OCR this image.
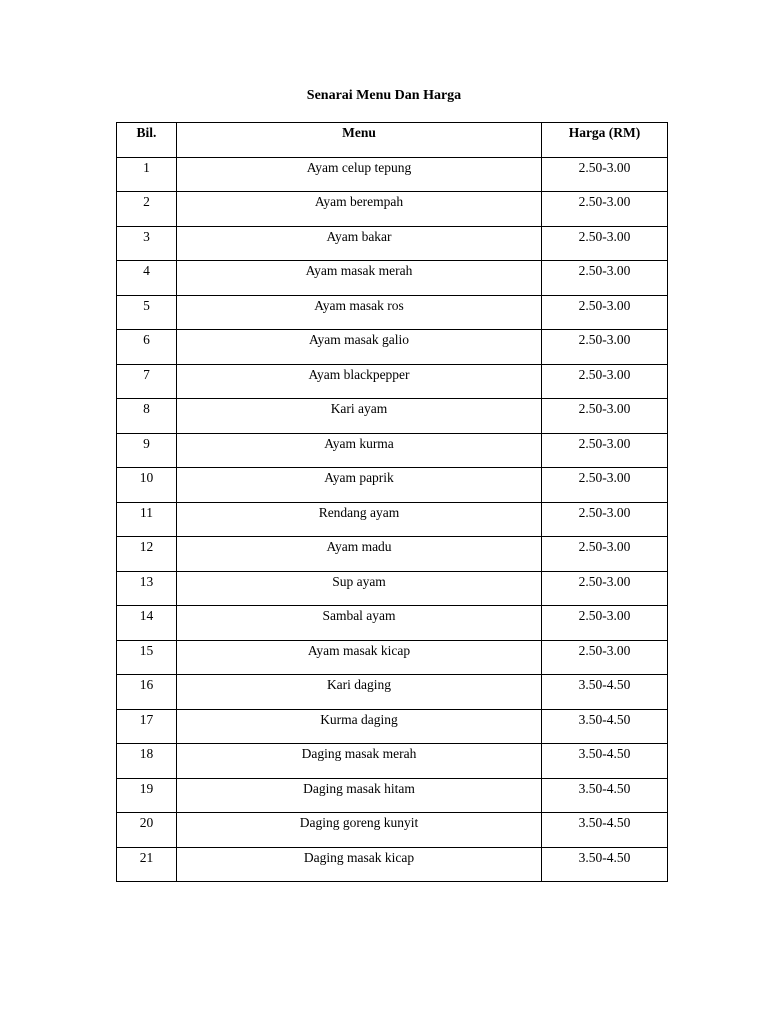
Senarai Menu Dan Harga
Bil.	Menu	Harga (RM)
1	Ayam celup tepung	2.50-3.00
2	Ayam berempah	2.50-3.00
3	Ayam bakar	2.50-3.00
4	Ayam masak merah	2.50-3.00
5	Ayam masak ros	2.50-3.00
6	Ayam masak galio	2.50-3.00
7	Ayam blackpepper	2.50-3.00
8	Kari ayam	2.50-3.00
9	Ayam kurma	2.50-3.00
10	Ayam paprik	2.50-3.00
11	Rendang ayam	2.50-3.00
12	Ayam madu	2.50-3.00
13	Sup ayam	2.50-3.00
14	Sambal ayam	2.50-3.00
15	Ayam masak kicap	2.50-3.00
16	Kari daging	3.50-4.50
17	Kurma daging	3.50-4.50
18	Daging masak merah	3.50-4.50
19	Daging masak hitam	3.50-4.50
20	Daging goreng kunyit	3.50-4.50
21	Daging masak kicap	3.50-4.50
